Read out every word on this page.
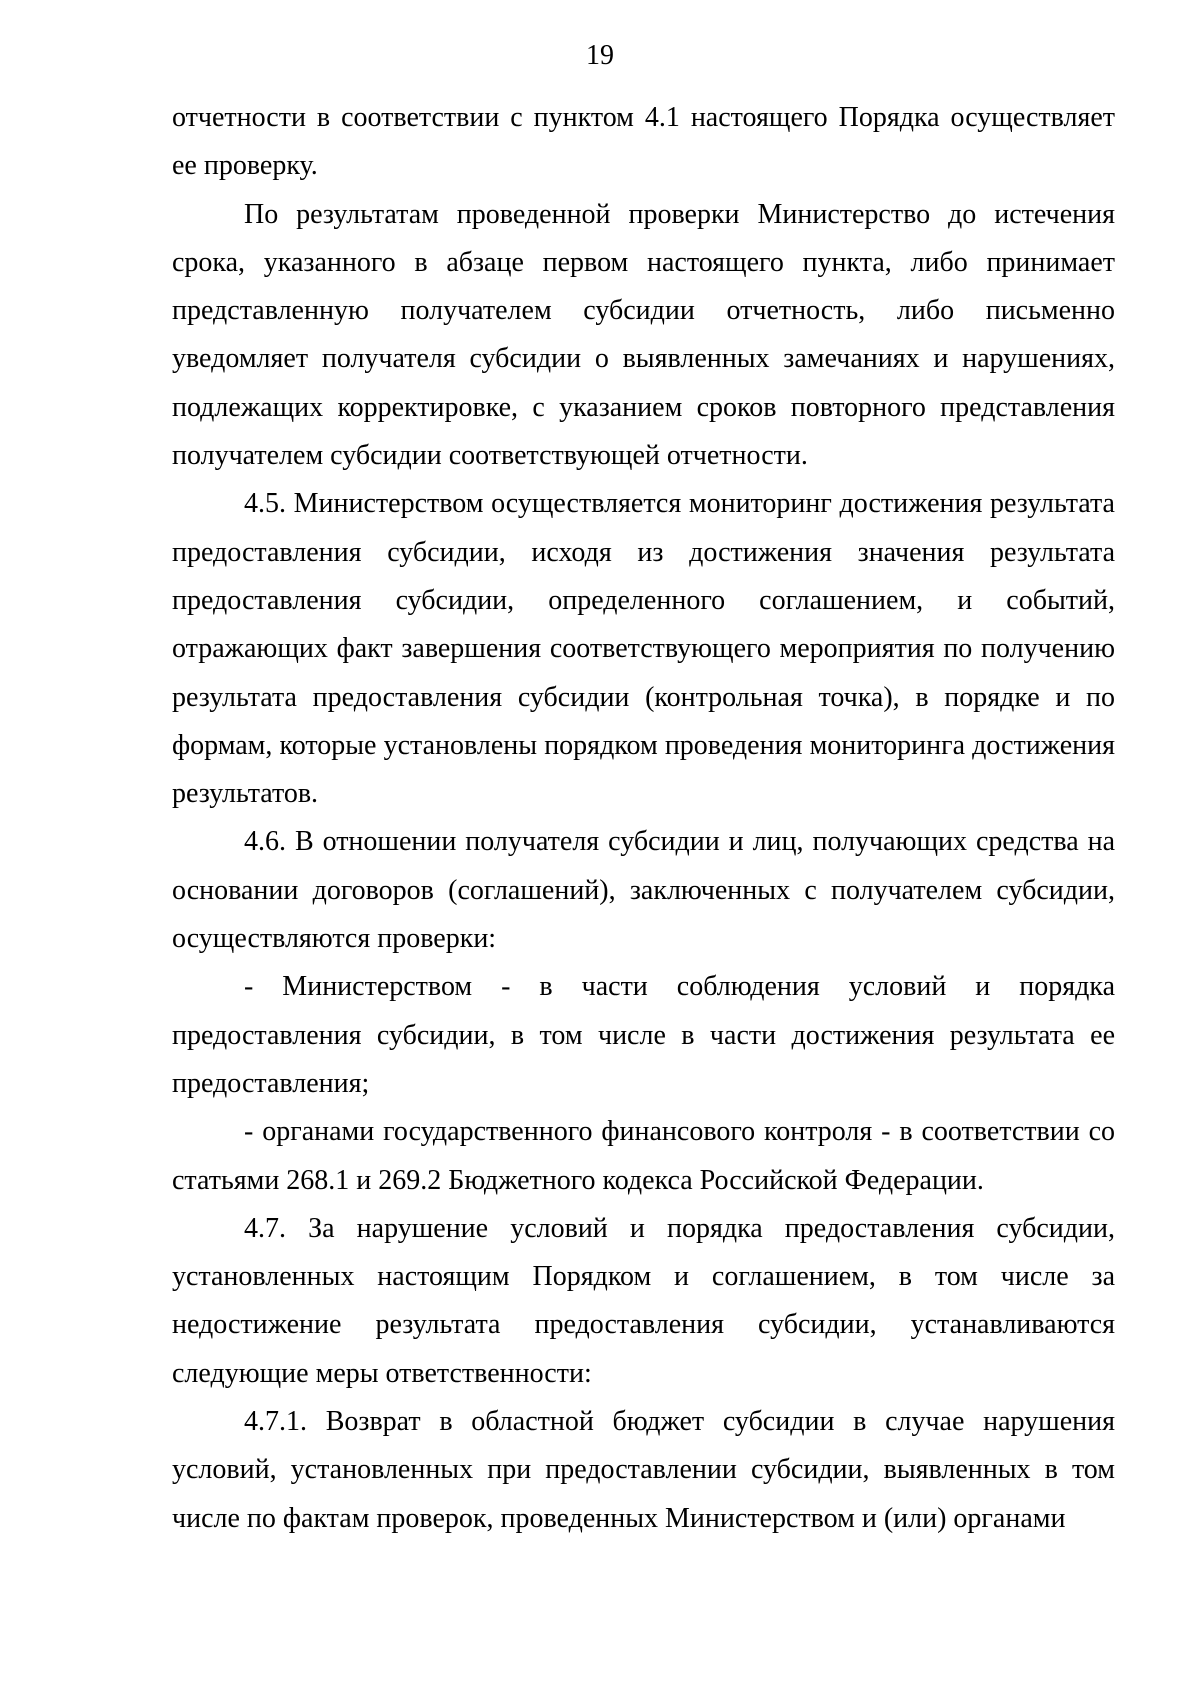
19

отчетности в соответствии с пунктом 4.1 настоящего Порядка осуществляет ее проверку.

По результатам проведенной проверки Министерство до истечения срока, указанного в абзаце первом настоящего пункта, либо принимает представленную получателем субсидии отчетность, либо письменно уведомляет получателя субсидии о выявленных замечаниях и нарушениях, подлежащих корректировке, с указанием сроков повторного представления получателем субсидии соответствующей отчетности.

4.5. Министерством осуществляется мониторинг достижения результата предоставления субсидии, исходя из достижения значения результата предоставления субсидии, определенного соглашением, и событий, отражающих факт завершения соответствующего мероприятия по получению результата предоставления субсидии (контрольная точка), в порядке и по формам, которые установлены порядком проведения мониторинга достижения результатов.

4.6. В отношении получателя субсидии и лиц, получающих средства на основании договоров (соглашений), заключенных с получателем субсидии, осуществляются проверки:

- Министерством - в части соблюдения условий и порядка предоставления субсидии, в том числе в части достижения результата ее предоставления;

- органами государственного финансового контроля - в соответствии со статьями 268.1 и 269.2 Бюджетного кодекса Российской Федерации.

4.7. За нарушение условий и порядка предоставления субсидии, установленных настоящим Порядком и соглашением, в том числе за недостижение результата предоставления субсидии, устанавливаются следующие меры ответственности:

4.7.1. Возврат в областной бюджет субсидии в случае нарушения условий, установленных при предоставлении субсидии, выявленных в том числе по фактам проверок, проведенных Министерством и (или) органами
